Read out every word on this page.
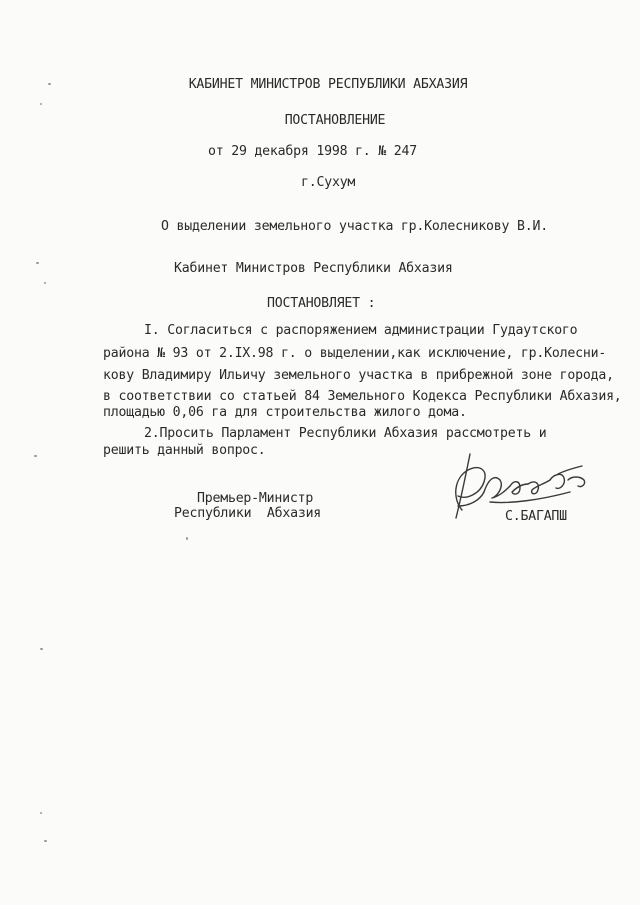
КАБИНЕТ МИНИСТРОВ РЕСПУБЛИКИ АБХАЗИЯ
ПОСТАНОВЛЕНИЕ
от 29 декабря 1998 г. № 247
г.Сухум
О выделении земельного участка гр.Колесникову В.И.
Кабинет Министров Республики Абхазия
ПОСТАНОВЛЯЕТ :
I. Согласиться с распоряжением администрации Гудаутского
района № 93 от 2.IX.98 г. о выделении,как исключение, гр.Колесни-
кову Владимиру Ильичу земельного участка в прибрежной зоне города,
в соответствии со статьей 84 Земельного Кодекса Республики Абхазия,
площадью 0,06 га для строительства жилого дома.
2.Просить Парламент Республики Абхазия рассмотреть и
решить данный вопрос.
Премьер-Министр
Республики  Абхазия	С.БАГАПШ
